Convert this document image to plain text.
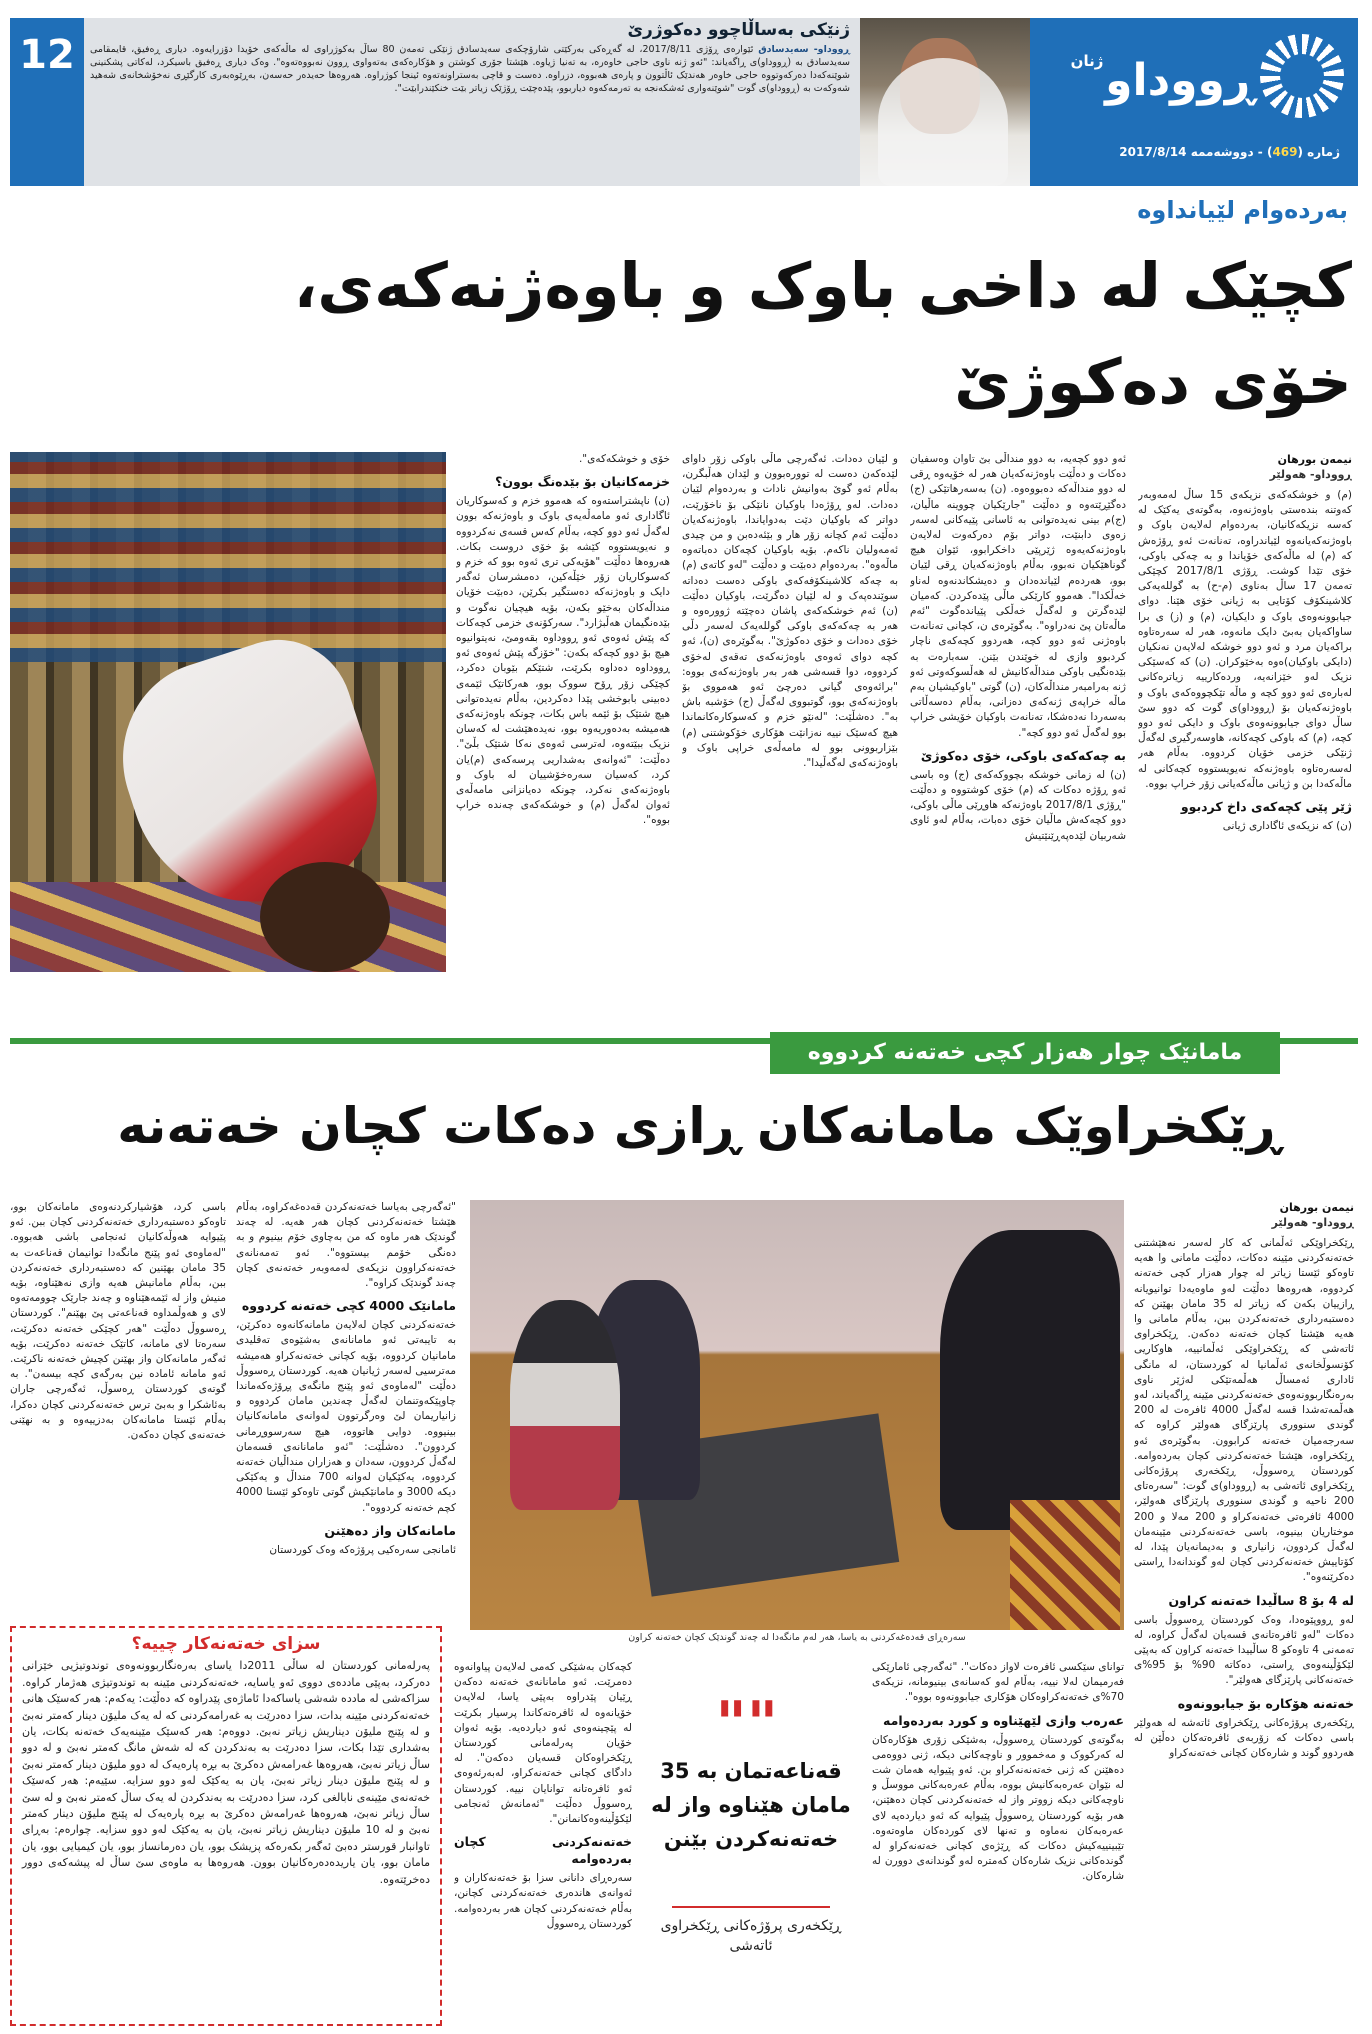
12
ژنێکی بەساڵاچوو دەکوژرێ
ڕووداو- سەیدسادق ئێوارەی ڕۆژی 2017/8/11، لە گەڕەکی بەرکێتی شارۆچکەی سەیدسادق ژنێکی تەمەن 80 ساڵ بەکوژراوی لە ماڵەکەی خۆیدا دۆزرایەوە. دیاری ڕەفیق، قایمقامی سەیدسادق بە (ڕووداو)ی ڕاگەیاند: "ئەو ژنە ناوی حاجی خاوەرە، بە تەنیا ژیاوە. هێشتا جۆری کوشتن و هۆکارەکەی بەتەواوی ڕوون نەبووەتەوە". وەک دیاری ڕەفیق باسیکرد، لەکاتی پشکنینی شوێنەکەدا دەرکەوتووە حاجی خاوەر هەندێک ئاڵتوون و پارەی هەبووە، دزراوە. دەست و قاچی بەستراونەتەوە ئینجا کوژراوە. هەروەها حەیدەر حەسەن، بەڕێوەبەری کارگێڕی نەخۆشخانەی شەهید شەوکەت بە (ڕووداو)ی گوت "شوێنەواری ئەشکەنجە بە تەرمەکەوە دیاربوو، پێدەچێت ڕۆژێک زیاتر بێت خنکێندرابێت".	ڕووداو
ژنان
ژمارە (469) - دووشەممە 2017/8/14
بەردەوام لێیانداوە
کچێک لە داخی باوک و باوەژنەکەی، خۆی دەکوژێ
نیمەن بورهان
ڕووداو- هەولێر

(م) و خوشکەکەی نزیکەی 15 ساڵ لەمەوبەر کەوتنە بندەستی باوەژنەوە، بەگوتەی یەکێک لە کەسە نزیکەکانیان، بەردەوام لەلایەن باوک و باوەژنەکەیانەوە لێیاندراوە، تەنانەت ئەو ڕۆژەش کە (م) لە ماڵەکەی خۆیاندا و بە چەکی باوکی، خۆی تێدا کوشت. ڕۆژی 2017/8/1 کچێکی تەمەن 17 ساڵ بەناوی (م-ح) بە گوللەیەکی کلاشینکۆف کۆتایی بە ژیانی خۆی هێنا. دوای جیابوونەوەی باوک و دایکیان، (م) و (ز) ی برا ساواکەیان بەبێ دایک مانەوە، هەر لە سەرەتاوە براکەیان مرد و ئەو دوو خوشکە لەلایەن نەنکیان (دایکی باوکیان)ەوە بەخێوکران. (ن) کە کەسێکی نزیک لەو خێزانەیە، وردەکارییە زیاترەکانی لەبارەی ئەو دوو کچە و ماڵە تێکچووەکەی باوک و باوەژنەکەیان بۆ (ڕووداو)ی گوت کە دوو سێ ساڵ دوای جیابوونەوەی باوک و دایکی ئەو دوو کچە، (م) کە باوکی کچەکانە، هاوسەرگیری لەگەڵ ژنێکی خزمی خۆیان کردووە. بەڵام هەر لەسەرەتاوە باوەژنەکە نەیویستووە کچەکانی لە ماڵەکەدا بن و ژیانی ماڵەکەیانی زۆر خراپ بووە.

ژێر پێی کچەکەی داخ کردبوو

(ن) کە نزیکەی ئاگاداری ژیانی

ئەو دوو کچەیە، بە دوو منداڵی بێ تاوان وەسفیان دەکات و دەڵێت باوەژنەکەیان هەر لە خۆیەوە ڕقی لە دوو منداڵەکە دەبووەوە. (ن) بەسەرهاتێکی (ج) دەگێڕێتەوە و دەڵێت "جارێکیان چووینە ماڵیان، (ج)م بینی نەیدەتوانی بە ئاسانی پێیەکانی لەسەر زەوی دابنێت، دواتر بۆم دەرکەوت لەلایەن باوەژنەکەیەوە ژێرپێی داخکرابوو، ئێوان هیچ گوناهێکیان نەبوو، بەڵام باوەژنەکەیان ڕقی لێیان بوو، هەردەم لێیاندەدان و دەیشکاندنەوە لەناو خەڵکدا". هەموو کارێکی ماڵی پێدەکردن. کەمیان لێدەگرتن و لەگەڵ خەڵکی پێیاندەگوت "ئەم ماڵەتان پێ نەدراوە". بەگوێرەی ن، کچانی تەنانەت باوەژنی ئەو دوو کچە، هەردوو کچەکەی ناچار کردبوو وازی لە خوێندن بێنن. سەبارەت بە بێدەنگیی باوکی منداڵەکانیش لە هەڵسوکەوتی ئەو ژنە بەرامبەر منداڵەکان، (ن) گوتی "باوکیشیان بەم ماڵە خراپەی ژنەکەی دەزانی، بەڵام دەسەڵاتی بەسەردا نەدەشکا، تەنانەت باوکیان خۆیشی خراپ بوو لەگەڵ ئەو دوو کچە".

بە چەکەکەی باوکی، خۆی دەکوژێ

(ن) لە زمانی خوشکە بچووکەکەی (ج) وە باسی ئەو ڕۆژە دەکات کە (م) خۆی کوشتووە و دەڵێت "ڕۆژی 2017/8/1 باوەژنەکە هاوڕێی ماڵی باوکی، دوو کچەکەش ماڵیان خۆی دەبات، بەڵام لەو ئاوی شەربیان لێدەپەڕێنێتیش

و لێیان دەدات. ئەگەرچی ماڵی باوکی زۆر داوای لێدەکەن دەست لە توورەبوون و لێدان هەڵبگرن، بەڵام ئەو گوێ بەوانیش نادات و بەردەوام لێیان دەدات. لەو ڕۆژەدا باوکیان نانێکی بۆ ناخۆرێت، دواتر کە باوکیان دێت بەدوایاندا، باوەژنەکەیان دەڵێت ئەم کچانە زۆر هار و بێئەدەبن و من چیدی ئەمەولیان ناکەم. بۆیە باوکیان کچەکان دەباتەوە ماڵەوە". بەردەوام دەبێت و دەڵێت "لەو کاتەی (م) بە چەکە کلاشینکۆفەکەی باوکی دەست دەداتە سوێندەپەک و لە لێیان دەگرێت، باوکیان دەڵێت (ن) ئەم خوشکەکەی پاشان دەچێتە ژوورەوە و هەر بە چەکەکەی باوکی گوللەیەک لەسەر دڵی خۆی دەدات و خۆی دەکوژێ". بەگوێرەی (ن)، ئەو کچە دوای ئەوەی باوەژنەکەی تەقەی لەخۆی کردووە، دوا قسەشی هەر بەر باوەژنەکەی بووە: "برائەوەی گیانی دەرچێ ئەو هەمووی بۆ باوەژنەکەی بوو، گوتبووی لەگەڵ (ج) خۆشبە باش بە". دەشڵێت: "لەنێو خزم و کەسوکارەکانماندا هیچ کەسێک نییە نەزانێت هۆکاری خۆکوشتنی (م) بێزاربوونی بوو لە مامەڵەی خراپی باوک و باوەژنەکەی لەگەڵیدا".

خۆی و خوشکەکەی".

خزمەکانیان بۆ بێدەنگ بوون؟

(ن) ناپشتراستەوە کە هەموو خزم و کەسوکاریان ئاگاداری ئەو مامەڵەیەی باوک و باوەژنەکە بوون لەگەڵ ئەو دوو کچە، بەڵام کەس قسەی نەکردووە و نەیویستووە کێشە بۆ خۆی دروست بکات. هەروەها دەڵێت "هۆیەکی تری ئەوە بوو کە خزم و کەسوکاریان زۆر خێڵەکین، دەمشرسان ئەگەر دایک و باوەژنەکە دەستگیر بکرێن، دەبێت خۆیان منداڵەکان بەخێو بکەن، بۆیە هیچیان نەگوت و بێدەنگیمان هەڵبژارد". سەرکۆنەی خزمی کچەکات کە پێش ئەوەی ئەو ڕووداوە بقەومێ، نەیتوانیوە هیچ بۆ دوو کچەکە بکەن: "خۆزگە پێش ئەوەی ئەو ڕووداوە دەداوە بکرێت، شتێکم بێوبان دەکرد، کچێکی زۆر ڕۆح سووک بوو، هەرکاتێک ئێمەی دەبینی بابوخشی پێدا دەکردین، بەڵام نەیدەتوانی هیچ شتێک بۆ ئێمە باس بکات، چونکە باوەژنەکەی هەمیشە بەدەوریەوە بوو، نەیدەهێشت لە کەسان نزیک ببێتەوە، لەترسی ئەوەی نەکا شتێک بڵێ". دەڵێت: "ئەوانەی بەشداریی پرسەکەی (م)یان کرد، کەسیان سەرەخۆشییان لە باوک و باوەژنەکەی نەکرد، چونکە دەیانزانی مامەڵەی ئەوان لەگەڵ (م) و خوشکەکەی چەندە خراپ بووە".

مامانێک چوار هەزار کچی خەتەنە کردووە
ڕێکخراوێک مامانەکان ڕازی دەکات کچان خەتەنە
سەرەڕای قەدەغەکردنی بە یاسا، هەر لەم مانگەدا لە چەند گوندێک کچان خەتەنە کراون
نیمەن بورهان
ڕووداو- هەولێر

ڕێکخراوێکی ئەڵمانی کە کار لەسەر نەهێشتنی خەتەنەکردنی مێینە دەکات، دەڵێت مامانی وا هەیە تاوەکو ئێستا زیاتر لە چوار هەزار کچی خەتەنە کردووە، هەروەها دەڵێت لەو ماوەیەدا توانیویانە ڕازییان بکەن کە زیاتر لە 35 مامان بهێنن کە دەستبەرداری خەتەنەکردن ببن، بەڵام مامانی وا هەیە هێشتا کچان خەتەنە دەکەن. ڕێکخراوی ئاتەشی کە ڕێکخراوێکی ئەڵمانییە، هاوکاریی کۆنسوڵخانەی ئەڵمانیا لە کوردستان، لە مانگی ئاداری ئەمساڵ هەڵمەتێکی لەژێر ناوی بەرەنگاربوونەوەی خەتەنەکردنی مێینە ڕاگەیاند، لەو هەڵمەتەشدا قسە لەگەڵ 4000 ئافرەت لە 200 گوندی سنووری پارێزگای هەولێر کراوە کە سەرجەمیان خەتەنە کرابوون. بەگوێرەی ئەو ڕێکخراوە، هێشتا خەتەنەکردنی کچان بەردەوامە. کوردستان ڕەسووڵ، ڕێکخەری پرۆژەکانی ڕێکخراوی ئاتەشی بە (ڕووداو)ی گوت: "سەرەتای 200 ناحیە و گوندی سنووری پارێزگای هەولێر، 4000 ئافرەتی خەتەنەکراو و 200 مەلا و 200 موختاریان بینیوە، باسی خەتەنەکردنی مێینەمان لەگەڵ کردوون، زانیاری و بەدیمانەیان پێدا، لە کۆتاییش خەتەنەکردنی کچان لەو گوندانەدا ڕاستی دەکرێنەوە".

لە 4 بۆ 8 ساڵیدا خەتەنە کراون

لەو ڕووپێوەدا، وەک کوردستان ڕەسووڵ باسی دەکات "لەو ئافرەتانەی قسەیان لەگەڵ کراوە، لە تەمەنی 4 تاوەکو 8 ساڵییدا خەتەنە کراون کە بەپێی لێکۆڵینەوەی ڕاستی، دەکاتە 90% بۆ 95%ی خەتەنەکانی پارێزگای هەولێر".

خەتەنە هۆکارە بۆ جیابوونەوە

ڕێکخەری پرۆژەکانی ڕێکخراوی ئاتەشە لە هەولێر باسی دەکات کە زۆربەی ئافرەتەکان دەڵێن لە هەردوو گوند و شارەکان کچانی خەتەنەکراو

"ئەگەرچی بەیاسا خەتەنەکردن قەدەغەکراوە، بەڵام هێشتا خەتەنەکردنی کچان هەر هەیە. لە چەند گوندێک هەر ماوە کە من بەچاوی خۆم بینیوم و بە دەنگی خۆمم بیستووە". ئەو تەمەنانەی خەتەنەکراوون نزیکەی لەمەوبەر خەتەنەی کچان چەند گوندێک کراوە".

مامانێک 4000 کچی خەتەنە کردووە

خەتەنەکردنی کچان لەلایەن مامانەکانەوە دەکرێن، بە تایبەتی ئەو مامانانەی بەشێوەی تەقلیدی مامانیان کردووە، بۆیە کچانی خەتەنەکراو هەمیشە مەترسیی لەسەر ژیانیان هەیە. کوردستان ڕەسووڵ دەڵێت "لەماوەی ئەو پێنج مانگەی پڕۆژەکەماندا چاوپێکەوتنمان لەگەڵ چەندین مامان کردووە و زانیاریمان لێ وەرگرتوون لەوانەی مامانەکانیان بینیووە. دوایی هاتووە، هیچ سەرسووڕمانی کردوون". دەشڵێت: "ئەو مامانانەی قسەمان لەگەڵ کردوون، سەدان و هەزاران منداڵیان خەتەنە کردووە، یەکێکیان لەوانە 700 منداڵ و یەکێکی دیکە 3000 و مامانێکیش گوتی تاوەکو ئێستا 4000 کچم خەتەنە کردووە".

مامانەکان واز دەهێنن

ئامانجی سەرەکیی پرۆژەکە وەک کوردستان

باسی کرد، هۆشیارکردنەوەی مامانەکان بوو، تاوەکو دەستبەرداری خەتەنەکردنی کچان ببن. ئەو پێیوایە هەوڵەکانیان ئەنجامی باشی هەبووە. "لەماوەی ئەو پێنج مانگەدا توانیمان قەناعەت بە 35 مامان بهێنین کە دەستبەرداری خەتەنەکردن ببن، بەڵام مامانیش هەیە وازی نەهێناوە، بۆیە منیش واز لە ئێمەهێناوە و چەند جارێک چوومەتەوە لای و هەوڵمداوە قەناعەتی پێ بهێنم". کوردستان ڕەسووڵ دەڵێت "هەر کچێکی خەتەنە دەکرێت، سەرەتا لای مامانە، کاتێک خەتەنە دەکرێت، بۆیە ئەگەر مامانەکان واز بهێنن کچیش خەتەنە ناکرێت. ئەو مامانە ئامادە نین بەرگەی کچە بیسەن". بە گوتەی کوردستان ڕەسوڵ، ئەگەرچی جاران بەئاشکرا و بەبێ ترس خەتەنەکردنی کچان دەکرا، بەڵام ئێستا مامانەکان بەدزییەوە و بە نهێنی خەتەنەی کچان دەکەن.

کچەکان بەشێکی کەمی لەلایەن پیاوانەوە دەمرێت. ئەو مامانانەی خەتەنە دەکەن ڕێیان پێدراوە بەپێی یاسا، لەلایەن خۆیانەوە لە ئافرەتەکاندا پرسیار بکرێت لە پێچینەوەی ئەو دیاردەیە. بۆیە ئەوان خۆیان پەرلەمانی کوردستان ڕێکخراوەکان قسەیان دەکەن". لە دادگای کچانی خەتەنەکراو، لەبەرئەوەی ئەو ئافرەتانە توانایان نییە. کوردستان ڕەسووڵ دەڵێت "ئەمانەش ئەنجامی لێکۆڵینەوەکانمانن".

خەتەنەکردنی کچان بەردەوامە

سەرەڕای دانانی سزا بۆ خەتەنەکاران و ئەوانەی هاندەری خەتەنەکردنی کچانن، بەڵام خەتەنەکردنی کچان هەر بەردەوامە. کوردستان ڕەسووڵ

توانای سێکسی ئافرەت لاواز دەکات". "ئەگەرچی ئامارێکی فەرمیمان لەلا نییە، بەڵام لەو کەسانەی بینیومانە، نزیکەی 70%ی خەتەنەکراوەکان هۆکاری جیابوونەوە بووە".

عەرەب وازی لێهێناوە و کورد بەردەوامە

بەگوتەی کوردستان ڕەسووڵ، بەشێکی زۆری هۆکارەکان لە کەرکووک و مەخموور و ناوچەکانی دیکە، ژنی دووەمی دەهێنن کە ژنی خەتەنەنەکراو بن. ئەو پێیوایە هەمان شت لە نێوان عەرەبەکانیش بووە، بەڵام عەرەبەکانی مووسڵ و ناوچەکانی دیکە زووتر واز لە خەتەنەکردنی کچان دەهێنن، هەر بۆیە کوردستان ڕەسووڵ پێیوایە کە ئەو دیاردەیە لای عەرەبەکان نەماوە و تەنها لای کوردەکان ماوەتەوە. تێبینییەکیش دەکات کە ڕێژەی کچانی خەتەنەکراو لە گوندەکانی نزیک شارەکان کەمترە لەو گوندانەی دوورن لە شارەکان.

""
قەناعەتمان بە 35 مامان هێناوە واز لە خەتەنەکردن بێنن
ڕێکخەری پرۆژەکانی ڕێکخراوی ئاتەشی
سزای خەتەنەکار چییە؟

پەرلەمانی کوردستان لە ساڵی 2011دا یاسای بەرەنگاربوونەوەی توندوتیژیی خێزانی دەرکرد، بەپێی ماددەی دووی ئەو یاسایە، خەتەنەکردنی مێینە بە توندوتیژی هەژمار کراوە. سزاکەشی لە ماددە شەشی یاساکەدا ئاماژەی پێدراوە کە دەڵێت: یەکەم: هەر کەسێک هانی خەتەنەکردنی مێینە بدات، سزا دەدرێت بە غەرامەکردنی کە لە یەک ملیۆن دینار کەمتر نەبێ و لە پێنج ملیۆن دیناریش زیاتر نەبێ. دووەم: هەر کەسێک مێینەیەک خەتەنە بکات، یان بەشداری تێدا بکات، سزا دەدرێت بە بەندکردن کە لە شەش مانگ کەمتر نەبێ و لە دوو ساڵ زیاتر نەبێ، هەروەها غەرامەش دەکرێ بە بڕە پارەیەک لە دوو ملیۆن دینار کەمتر نەبێ و لە پێنج ملیۆن دینار زیاتر نەبێ، یان بە یەکێک لەو دوو سزایە. سێیەم: هەر کەسێک خەتەنەی مێینەی نابالغی کرد، سزا دەدرێت بە بەندکردن لە یەک ساڵ کەمتر نەبێ و لە سێ ساڵ زیاتر نەبێ، هەروەها غەرامەش دەکرێ بە بڕە پارەیەک لە پێنج ملیۆن دینار کەمتر نەبێ و لە 10 ملیۆن دیناریش زیاتر نەبێ، یان بە یەکێک لەو دوو سزایە. چوارەم: بەڕای تاوانبار قورستر دەبێ ئەگەر بکەرەکە پزیشک بوو، یان دەرمانساز بوو، یان کیمیایی بوو، یان مامان بوو، یان یاریدەدەرەکانیان بوون. هەروەها بە ماوەی سێ ساڵ لە پیشەکەی دوور دەخرێتەوە.
